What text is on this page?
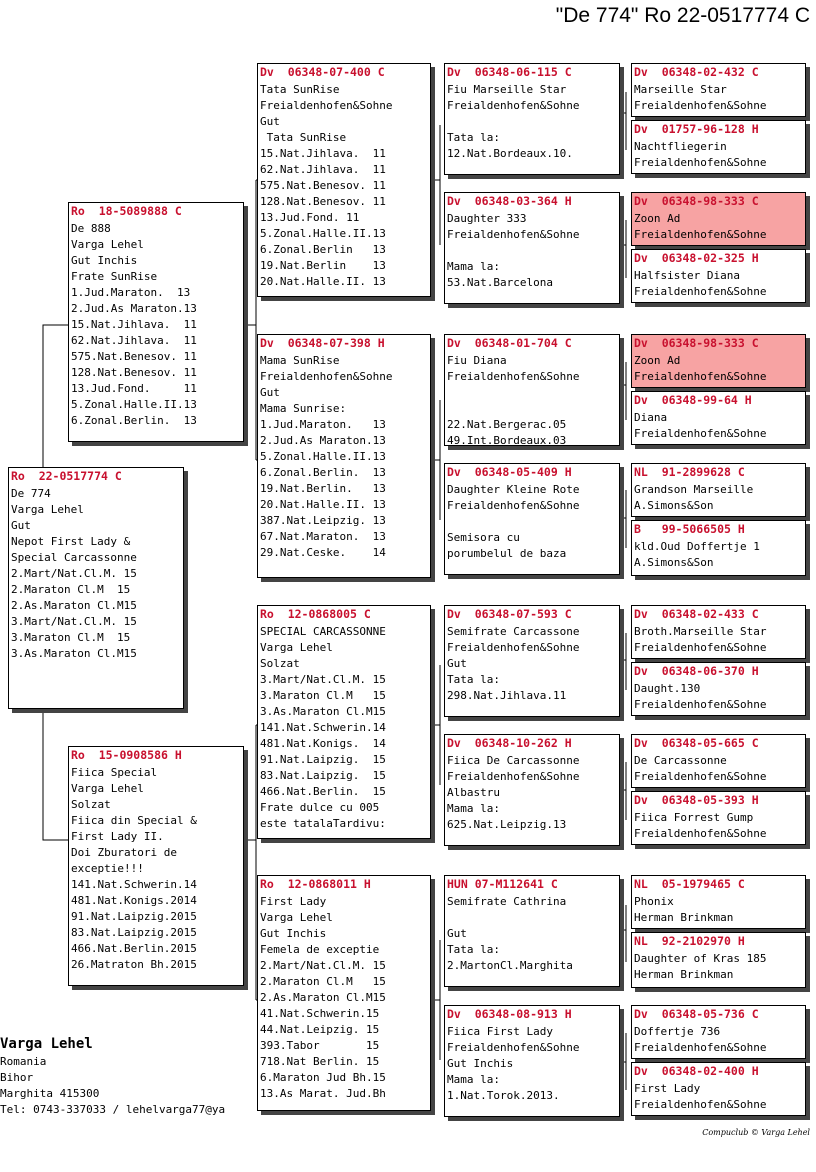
"De 774" Ro 22-0517774 C
Ro  22-0517774 C
De 774
Varga Lehel
Gut
Nepot First Lady &
Special Carcassonne
2.Mart/Nat.Cl.M. 15
2.Maraton Cl.M  15
2.As.Maraton Cl.M15
3.Mart/Nat.Cl.M. 15
3.Maraton Cl.M  15
3.As.Maraton Cl.M15
Ro  18-5089888 C
De 888
Varga Lehel
Gut Inchis
Frate SunRise
1.Jud.Maraton.  13
2.Jud.As Maraton.13
15.Nat.Jihlava.  11
62.Nat.Jihlava.  11
575.Nat.Benesov. 11
128.Nat.Benesov. 11
13.Jud.Fond.     11
5.Zonal.Halle.II.13
6.Zonal.Berlin.  13
Ro  15-0908586 H
Fiica Special
Varga Lehel
Solzat
Fiica din Special &
First Lady II.
Doi Zburatori de
exceptie!!!
141.Nat.Schwerin.14
481.Nat.Konigs.2014
91.Nat.Laipzig.2015
83.Nat.Laipzig.2015
466.Nat.Berlin.2015
26.Matraton Bh.2015
Dv  06348-07-400 C
Tata SunRise
Freialdenhofen&Sohne
Gut
Tata SunRise
15.Nat.Jihlava.  11
62.Nat.Jihlava.  11
575.Nat.Benesov. 11
128.Nat.Benesov. 11
13.Jud.Fond. 11
5.Zonal.Halle.II.13
6.Zonal.Berlin   13
19.Nat.Berlin    13
20.Nat.Halle.II. 13
Dv  06348-07-398 H
Mama SunRise
Freialdenhofen&Sohne
Gut
Mama Sunrise:
1.Jud.Maraton.   13
2.Jud.As Maraton.13
5.Zonal.Halle.II.13
6.Zonal.Berlin.  13
19.Nat.Berlin.   13
20.Nat.Halle.II. 13
387.Nat.Leipzig. 13
67.Nat.Maraton.  13
29.Nat.Ceske.    14
Ro  12-0868005 C
SPECIAL CARCASSONNE
Varga Lehel
Solzat
3.Mart/Nat.Cl.M. 15
3.Maraton Cl.M   15
3.As.Maraton Cl.M15
141.Nat.Schwerin.14
481.Nat.Konigs.  14
91.Nat.Laipzig.  15
83.Nat.Laipzig.  15
466.Nat.Berlin.  15
Frate dulce cu 005
este tatalaTardivu:
Ro  12-0868011 H
First Lady
Varga Lehel
Gut Inchis
Femela de exceptie
2.Mart/Nat.Cl.M. 15
2.Maraton Cl.M   15
2.As.Maraton Cl.M15
41.Nat.Schwerin.15
44.Nat.Leipzig. 15
393.Tabor       15
718.Nat Berlin. 15
6.Maraton Jud Bh.15
13.As Marat. Jud.Bh
Dv  06348-06-115 C
Fiu Marseille Star
Freialdenhofen&Sohne

Tata la:
12.Nat.Bordeaux.10.
Dv  06348-03-364 H
Daughter 333
Freialdenhofen&Sohne

Mama la:
53.Nat.Barcelona
Dv  06348-01-704 C
Fiu Diana
Freialdenhofen&Sohne

22.Nat.Bergerac.05
49.Int.Bordeaux.03
Dv  06348-05-409 H
Daughter Kleine Rote
Freialdenhofen&Sohne

Semisora cu
porumbelul de baza
Dv  06348-07-593 C
Semifrate Carcassone
Freialdenhofen&Sohne
Gut
Tata la:
298.Nat.Jihlava.11
Dv  06348-10-262 H
Fiica De Carcassonne
Freialdenhofen&Sohne
Albastru
Mama la:
625.Nat.Leipzig.13
HUN 07-M112641 C
Semifrate Cathrina

Gut
Tata la:
2.MartonCl.Marghita
Dv  06348-08-913 H
Fiica First Lady
Freialdenhofen&Sohne
Gut Inchis
Mama la:
1.Nat.Torok.2013.
Dv  06348-02-432 C
Marseille Star
Freialdenhofen&Sohne
Dv  01757-96-128 H
Nachtfliegerin
Freialdenhofen&Sohne
Dv  06348-98-333 C
Zoon Ad
Freialdenhofen&Sohne
Dv  06348-02-325 H
Halfsister Diana
Freialdenhofen&Sohne
Dv  06348-98-333 C
Zoon Ad
Freialdenhofen&Sohne
Dv  06348-99-64 H
Diana
Freialdenhofen&Sohne
NL  91-2899628 C
Grandson Marseille
A.Simons&Son
B   99-5066505 H
kld.Oud Doffertje 1
A.Simons&Son
Dv  06348-02-433 C
Broth.Marseille Star
Freialdenhofen&Sohne
Dv  06348-06-370 H
Daught.130
Freialdenhofen&Sohne
Dv  06348-05-665 C
De Carcassonne
Freialdenhofen&Sohne
Dv  06348-05-393 H
Fiica Forrest Gump
Freialdenhofen&Sohne
NL  05-1979465 C
Phonix
Herman Brinkman
NL  92-2102970 H
Daughter of Kras 185
Herman Brinkman
Dv  06348-05-736 C
Doffertje 736
Freialdenhofen&Sohne
Dv  06348-02-400 H
First Lady
Freialdenhofen&Sohne
Varga Lehel
Romania
Bihor
Marghita 415300
Tel: 0743-337033 / lehelvarga77@ya
Compuclub © Varga Lehel
